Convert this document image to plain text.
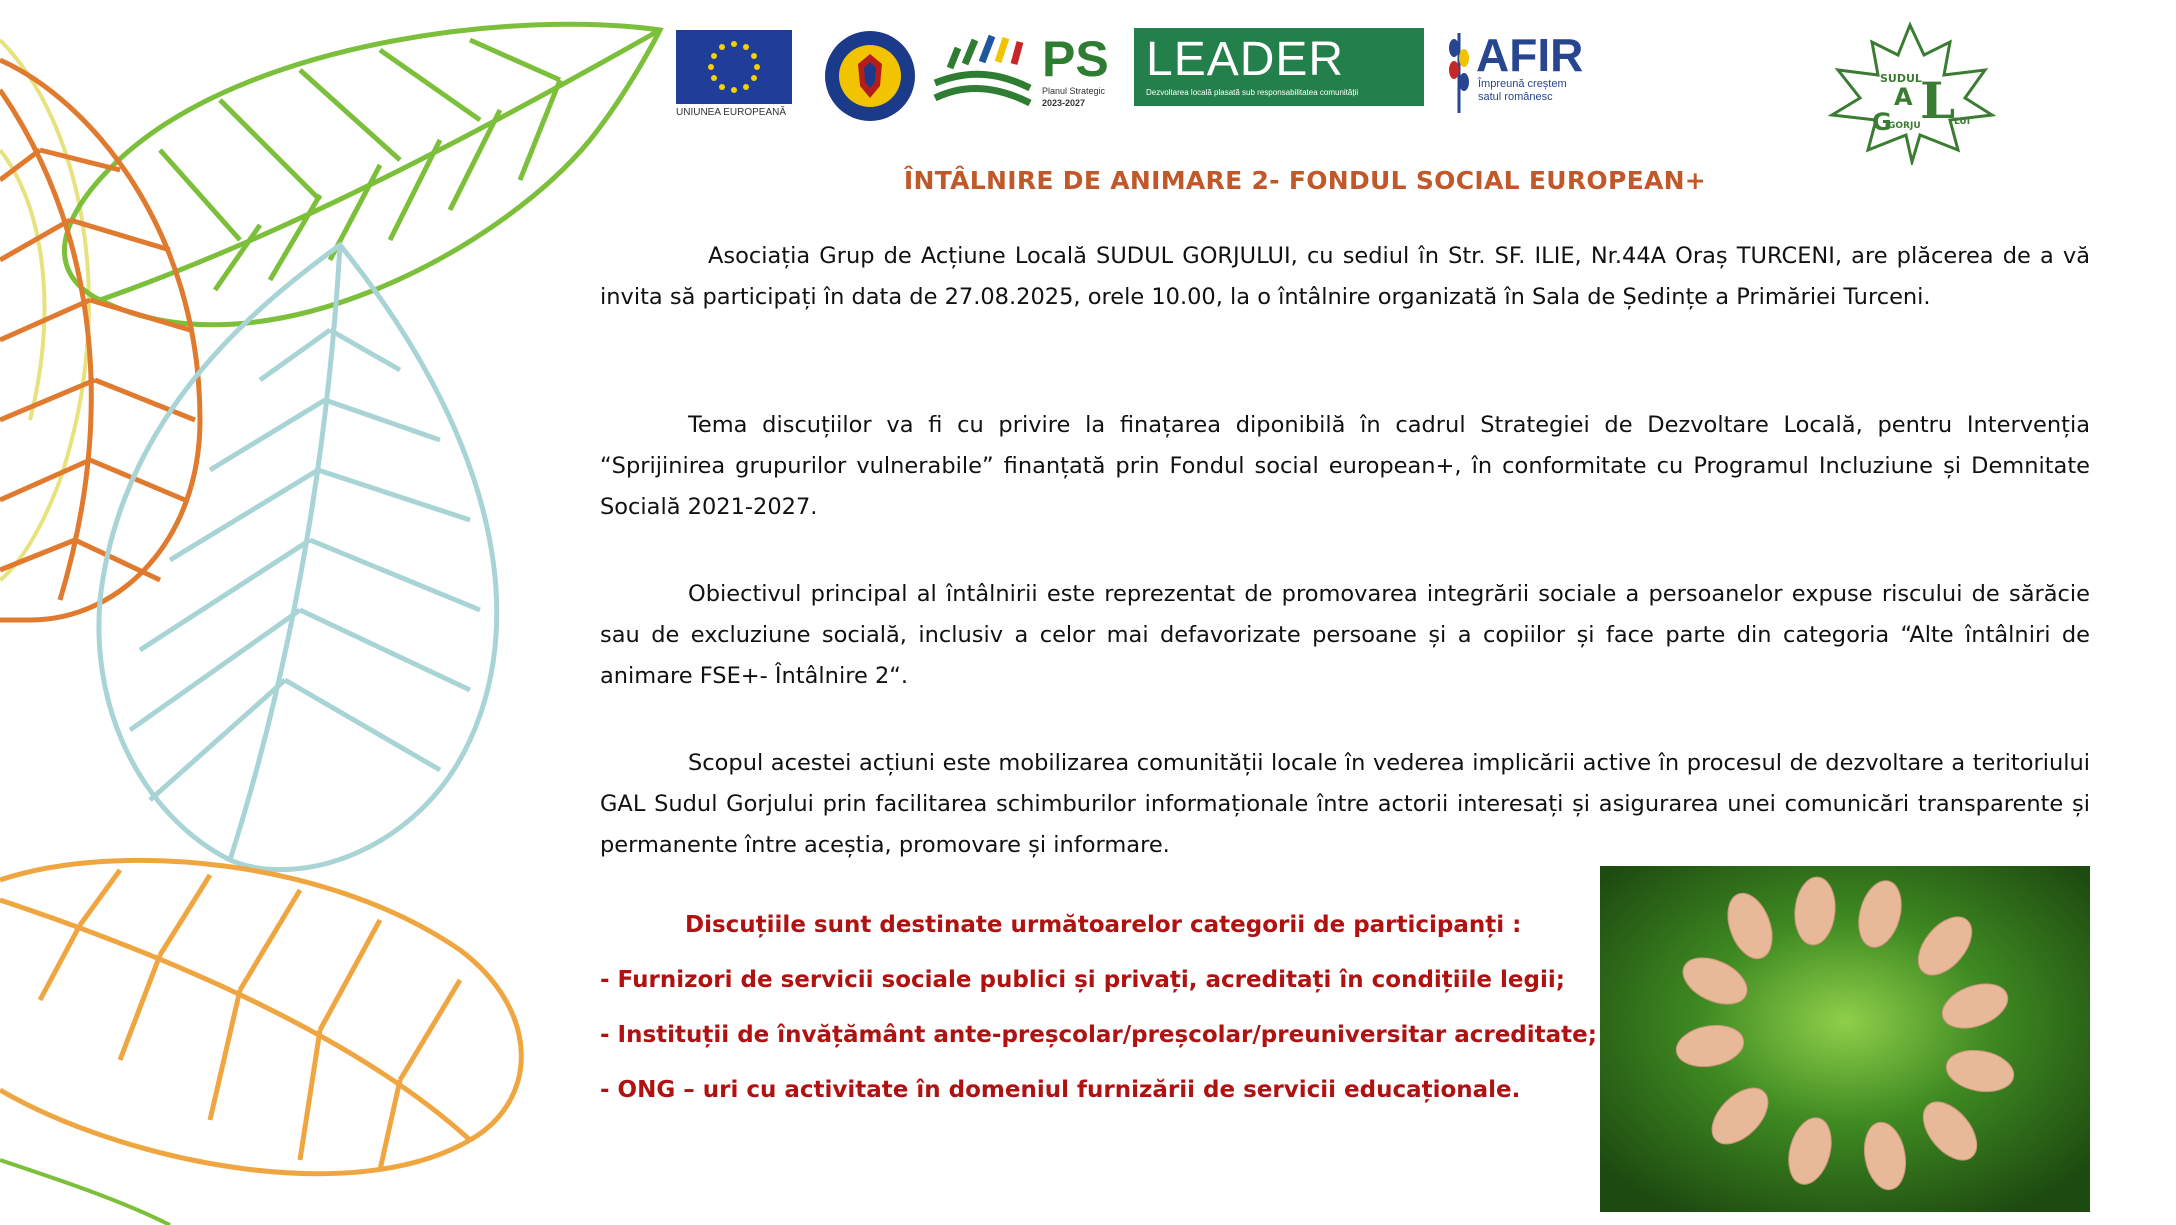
UNIUNEA EUROPEANĂ
PS
Planul Strategic
2023-2027
LEADER
Dezvoltarea locală plasată sub responsabilitatea comunității
AFIR
Împreună creștem
satul românesc
SUDUL
A L
G
GORJU	LUI
ÎNTÂLNIRE DE ANIMARE 2- FONDUL SOCIAL EUROPEAN+
Asociația Grup de Acțiune Locală SUDUL GORJULUI, cu sediul în Str. SF. ILIE, Nr.44A Oraș TURCENI, are plăcerea de a vă invita să participați în data de 27.08.2025, orele 10.00, la o întâlnire organizată în Sala de Ședințe a Primăriei Turceni.
Tema discuțiilor va fi cu privire la finațarea diponibilă în cadrul Strategiei de Dezvoltare Locală, pentru Intervenția “Sprijinirea grupurilor vulnerabile” finanțată prin Fondul social european+, în conformitate cu Programul Incluziune și Demnitate Socială 2021-2027.
Obiectivul principal al întâlnirii este reprezentat de promovarea integrării sociale a persoanelor expuse riscului de sărăcie sau de excluziune socială, inclusiv a celor mai defavorizate persoane și a copiilor și face parte din categoria “Alte întâlniri de animare FSE+- Întâlnire 2“.
Scopul acestei acțiuni este mobilizarea comunității locale în vederea implicării active în procesul de dezvoltare a teritoriului GAL Sudul Gorjului prin facilitarea schimburilor informaționale între actorii interesați și asigurarea unei comunicări transparente și permanente între aceștia, promovare și informare.
Discuțiile sunt destinate următoarelor categorii de participanți :
- Furnizori de servicii sociale publici și privați, acreditați în condițiile legii;
- Instituții de învățământ ante-preșcolar/preșcolar/preuniversitar acreditate;
- ONG – uri cu activitate în domeniul furnizării de servicii educaționale.
